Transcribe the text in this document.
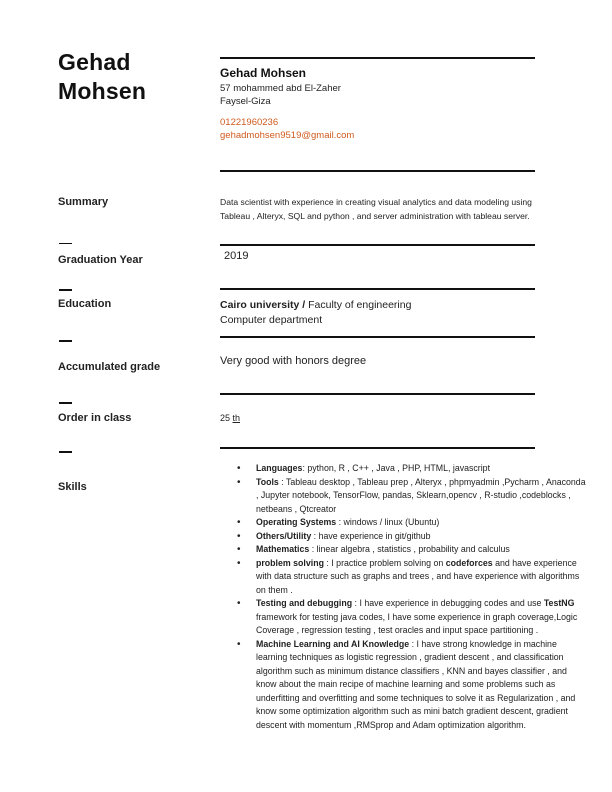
Gehad
Mohsen
Gehad Mohsen
57 mohammed abd El-Zaher
Faysel-Giza
01221960236
gehadmohsen9519@gmail.com
Summary	Data scientist with experience in creating visual analytics and data modeling using Tableau , Alteryx, SQL and python , and server administration with tableau server.
Graduation Year	2019
Education	Cairo university / Faculty of engineering
Computer department
Accumulated grade	Very good with honors degree
Order in class	25 th
Skills
• Languages: python, R , C++ , Java , PHP, HTML, javascript
• Tools : Tableau desktop , Tableau prep , Alteryx , phpmyadmin ,Pycharm , Anaconda , Jupyter notebook, TensorFlow, pandas, Sklearn,opencv , R-studio ,codeblocks , netbeans , Qtcreator
• Operating Systems : windows / linux (Ubuntu)
• Others/Utility : have experience in git/github
• Mathematics : linear algebra , statistics , probability and calculus
• problem solving : I practice problem solving on codeforces and have experience with data structure such as graphs and trees , and have experience with algorithms on them .
• Testing and debugging : I have experience in debugging codes and use TestNG framework for testing java codes, I have some experience in graph coverage,Logic Coverage , regression testing , test oracles and input space partitioning .
• Machine Learning and AI Knowledge : I have strong knowledge in machine learning techniques as logistic regression , gradient descent , and classification algorithm such as minimum distance classifiers , KNN and bayes classifier , and know about the main recipe of machine learning and some problems such as underfitting and overfitting and some techniques to solve it as Regularization , and know some optimization algorithm such as mini batch gradient descent, gradient descent with momentum ,RMSprop and Adam optimization algorithm.
